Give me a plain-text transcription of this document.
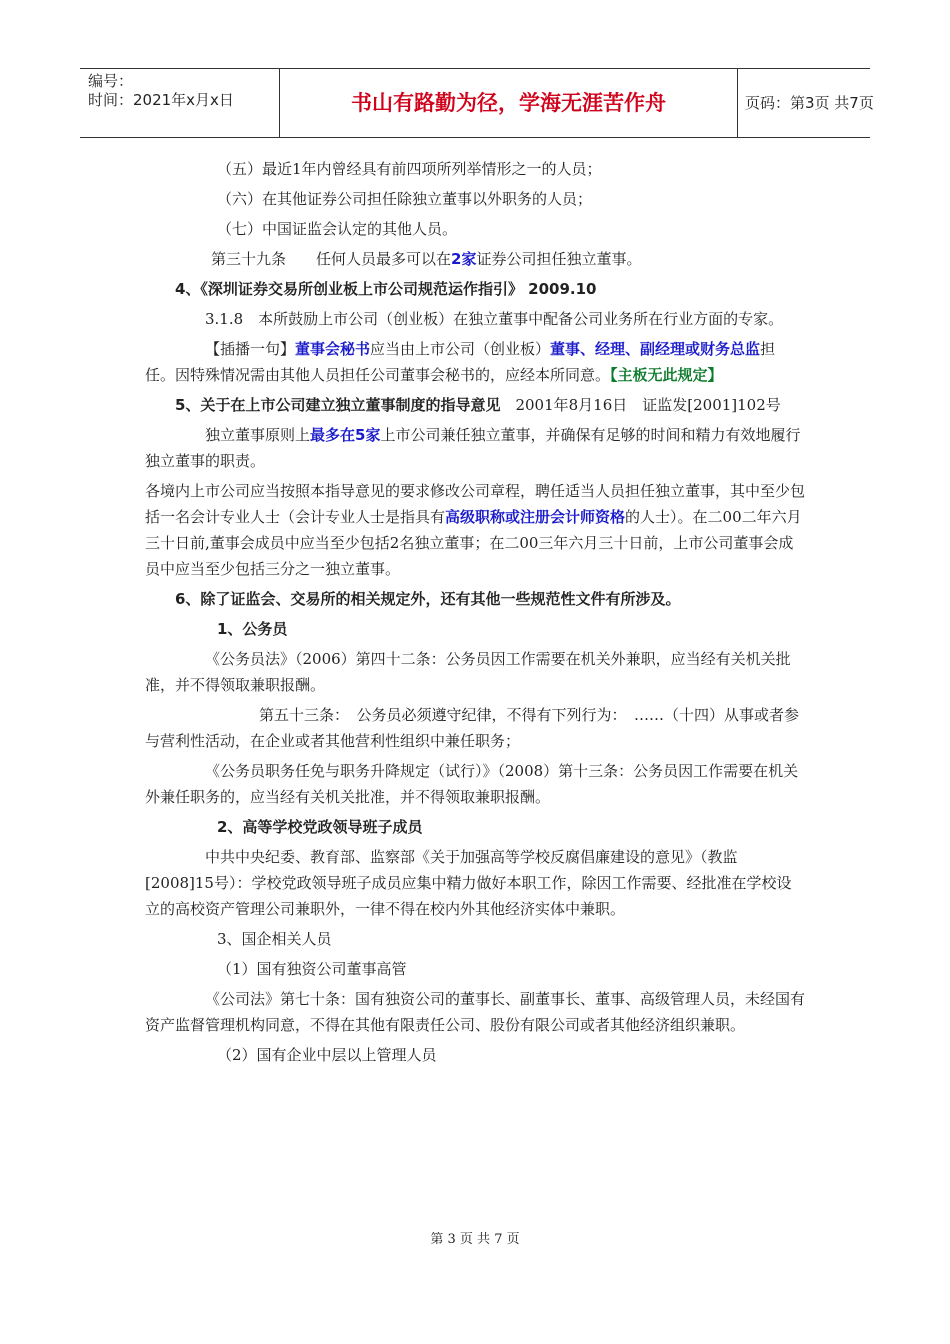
编号：
时间：2021年x月x日	书山有路勤为径，学海无涯苦作舟	页码：第3页 共7页

（五）最近1年内曾经具有前四项所列举情形之一的人员；

（六）在其他证券公司担任除独立董事以外职务的人员；

（七）中国证监会认定的其他人员。

第三十九条　　任何人员最多可以在2家证券公司担任独立董事。

4、《深圳证券交易所创业板上市公司规范运作指引》 2009.10

3.1.8　本所鼓励上市公司（创业板）在独立董事中配备公司业务所在行业方面的专家。

【插播一句】董事会秘书应当由上市公司（创业板）董事、经理、副经理或财务总监担任。因特殊情况需由其他人员担任公司董事会秘书的，应经本所同意。【主板无此规定】

5、关于在上市公司建立独立董事制度的指导意见　2001年8月16日　证监发[2001]102号

独立董事原则上最多在5家上市公司兼任独立董事，并确保有足够的时间和精力有效地履行独立董事的职责。

各境内上市公司应当按照本指导意见的要求修改公司章程，聘任适当人员担任独立董事，其中至少包括一名会计专业人士（会计专业人士是指具有高级职称或注册会计师资格的人士）。在二00二年六月三十日前,董事会成员中应当至少包括2名独立董事；在二00三年六月三十日前，上市公司董事会成员中应当至少包括三分之一独立董事。

6、除了证监会、交易所的相关规定外，还有其他一些规范性文件有所涉及。

1、公务员

《公务员法》（2006）第四十二条：公务员因工作需要在机关外兼职，应当经有关机关批准，并不得领取兼职报酬。

第五十三条：　公务员必须遵守纪律，不得有下列行为：　……（十四）从事或者参与营利性活动，在企业或者其他营利性组织中兼任职务；

《公务员职务任免与职务升降规定（试行）》（2008）第十三条：公务员因工作需要在机关外兼任职务的，应当经有关机关批准，并不得领取兼职报酬。

2、高等学校党政领导班子成员

中共中央纪委、教育部、监察部《关于加强高等学校反腐倡廉建设的意见》（教监[2008]15号）：学校党政领导班子成员应集中精力做好本职工作，除因工作需要、经批准在学校设立的高校资产管理公司兼职外，一律不得在校内外其他经济实体中兼职。

3、国企相关人员

（1）国有独资公司董事高管

《公司法》第七十条：国有独资公司的董事长、副董事长、董事、高级管理人员，未经国有资产监督管理机构同意，不得在其他有限责任公司、股份有限公司或者其他经济组织兼职。

（2）国有企业中层以上管理人员

第 3 页 共 7 页
